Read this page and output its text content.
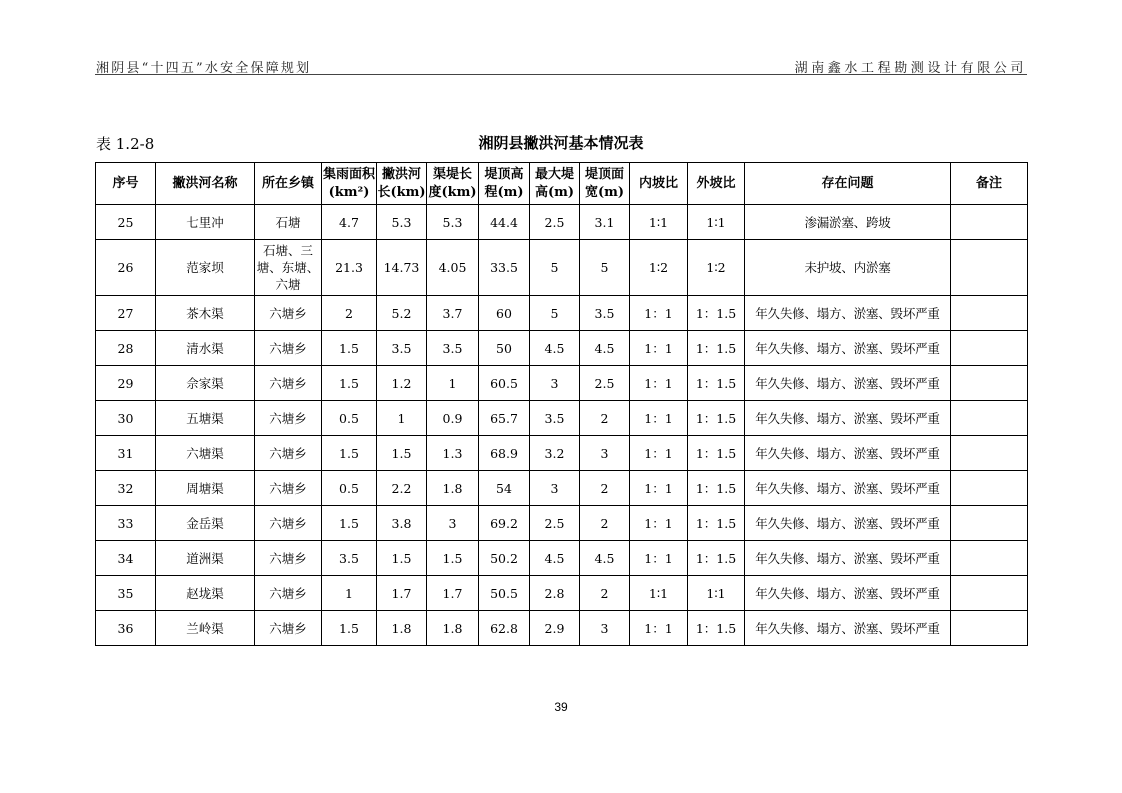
湘阴县“十四五”水安全保障规划	湖南鑫水工程勘测设计有限公司
表 1.2-8	湘阴县撇洪河基本情况表
序号	撇洪河名称	所在乡镇	集雨面积(km²)	撇洪河长(km)	渠堤长度(km)	堤顶高程(m)	最大堤高(m)	堤顶面宽(m)	内坡比	外坡比	存在问题	备注
25	七里冲	石塘	4.7	5.3	5.3	44.4	2.5	3.1	1∶1	1∶1	渗漏淤塞、跨坡	
26	范家坝	石塘、三塘、东塘、六塘	21.3	14.73	4.05	33.5	5	5	1∶2	1∶2	未护坡、内淤塞	
27	茶木渠	六塘乡	2	5.2	3.7	60	5	3.5	1：1	1：1.5	年久失修、塌方、淤塞、毁坏严重	
28	清水渠	六塘乡	1.5	3.5	3.5	50	4.5	4.5	1：1	1：1.5	年久失修、塌方、淤塞、毁坏严重	
29	佘家渠	六塘乡	1.5	1.2	1	60.5	3	2.5	1：1	1：1.5	年久失修、塌方、淤塞、毁坏严重	
30	五塘渠	六塘乡	0.5	1	0.9	65.7	3.5	2	1：1	1：1.5	年久失修、塌方、淤塞、毁坏严重	
31	六塘渠	六塘乡	1.5	1.5	1.3	68.9	3.2	3	1：1	1：1.5	年久失修、塌方、淤塞、毁坏严重	
32	周塘渠	六塘乡	0.5	2.2	1.8	54	3	2	1：1	1：1.5	年久失修、塌方、淤塞、毁坏严重	
33	金岳渠	六塘乡	1.5	3.8	3	69.2	2.5	2	1：1	1：1.5	年久失修、塌方、淤塞、毁坏严重	
34	道洲渠	六塘乡	3.5	1.5	1.5	50.2	4.5	4.5	1：1	1：1.5	年久失修、塌方、淤塞、毁坏严重	
35	赵垅渠	六塘乡	1	1.7	1.7	50.5	2.8	2	1∶1	1∶1	年久失修、塌方、淤塞、毁坏严重	
36	兰岭渠	六塘乡	1.5	1.8	1.8	62.8	2.9	3	1：1	1：1.5	年久失修、塌方、淤塞、毁坏严重	
39
